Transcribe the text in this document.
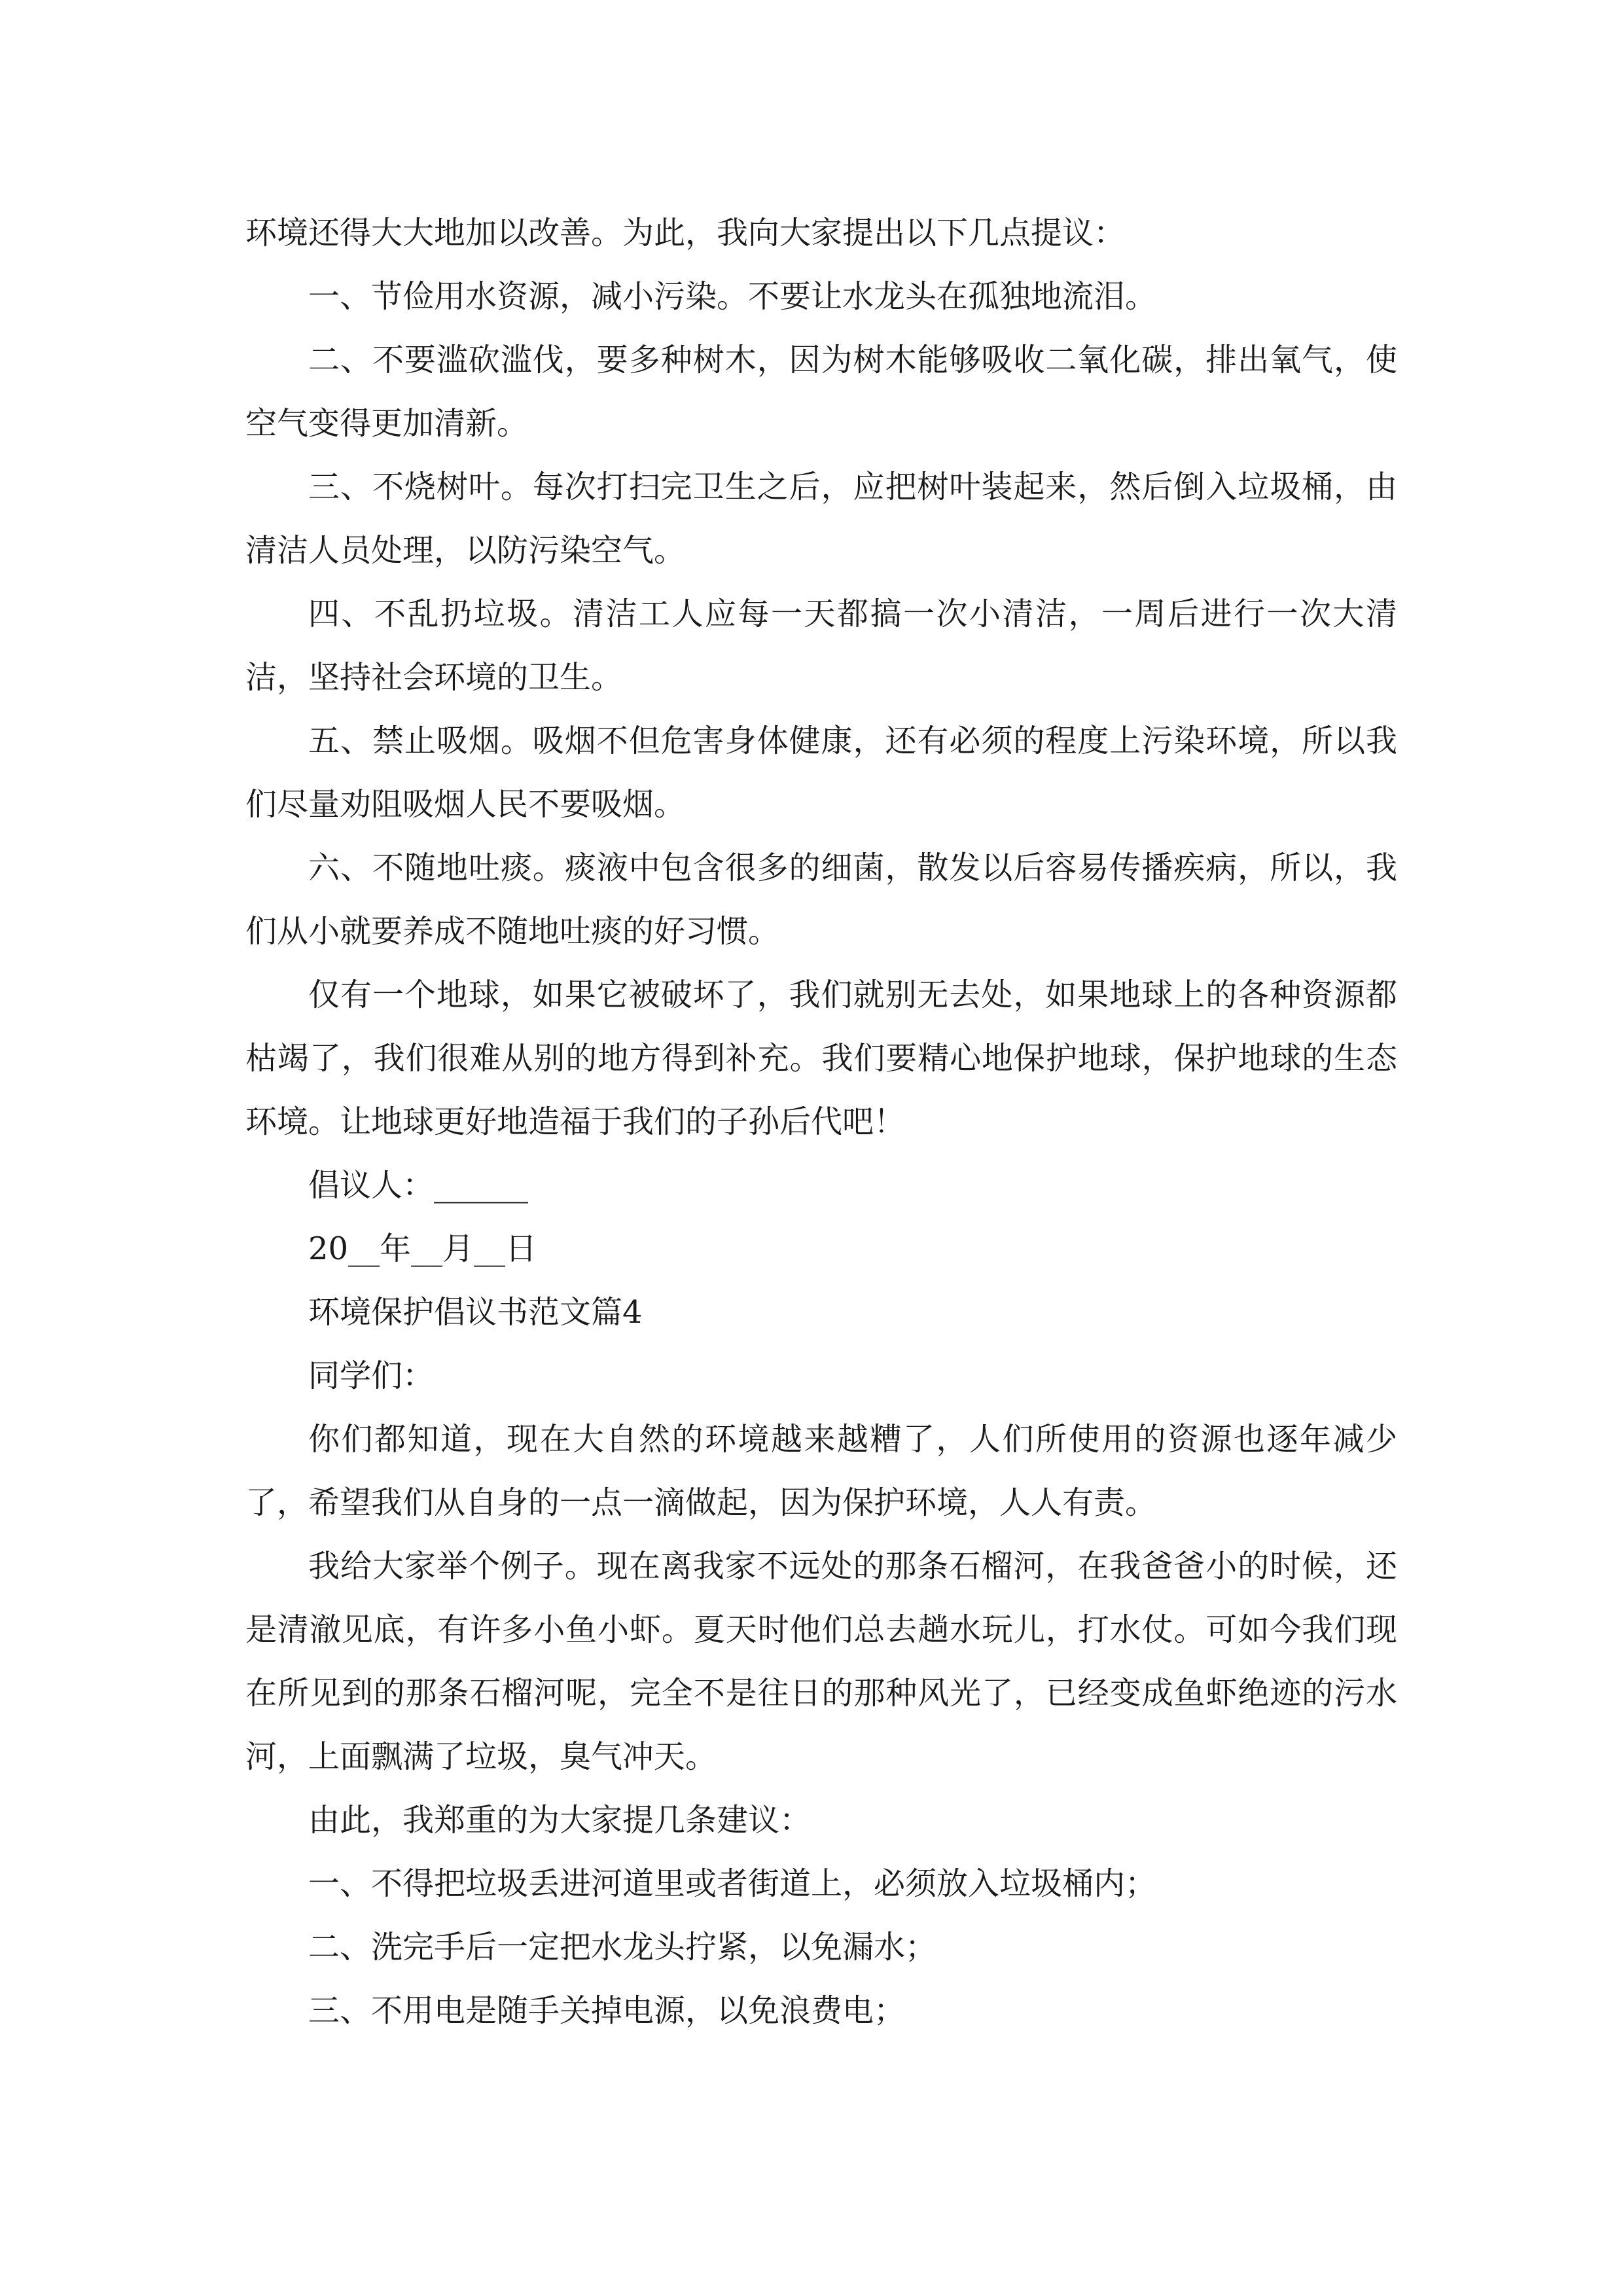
环境还得大大地加以改善。为此，我向大家提出以下几点提议：

一、节俭用水资源，减小污染。不要让水龙头在孤独地流泪。

二、不要滥砍滥伐，要多种树木，因为树木能够吸收二氧化碳，排出氧气，使空气变得更加清新。

三、不烧树叶。每次打扫完卫生之后，应把树叶装起来，然后倒入垃圾桶，由清洁人员处理，以防污染空气。

四、不乱扔垃圾。清洁工人应每一天都搞一次小清洁，一周后进行一次大清洁，坚持社会环境的卫生。

五、禁止吸烟。吸烟不但危害身体健康，还有必须的程度上污染环境，所以我们尽量劝阻吸烟人民不要吸烟。

六、不随地吐痰。痰液中包含很多的细菌，散发以后容易传播疾病，所以，我们从小就要养成不随地吐痰的好习惯。

仅有一个地球，如果它被破坏了，我们就别无去处，如果地球上的各种资源都枯竭了，我们很难从别的地方得到补充。我们要精心地保护地球，保护地球的生态环境。让地球更好地造福于我们的子孙后代吧！

倡议人：______

20__年__月__日

环境保护倡议书范文篇4

同学们：

你们都知道，现在大自然的环境越来越糟了，人们所使用的资源也逐年减少了，希望我们从自身的一点一滴做起，因为保护环境，人人有责。

我给大家举个例子。现在离我家不远处的那条石榴河，在我爸爸小的时候，还是清澈见底，有许多小鱼小虾。夏天时他们总去趟水玩儿，打水仗。可如今我们现在所见到的那条石榴河呢，完全不是往日的那种风光了，已经变成鱼虾绝迹的污水河，上面飘满了垃圾，臭气冲天。

由此，我郑重的为大家提几条建议：

一、不得把垃圾丢进河道里或者街道上，必须放入垃圾桶内；

二、洗完手后一定把水龙头拧紧，以免漏水；

三、不用电是随手关掉电源，以免浪费电；
